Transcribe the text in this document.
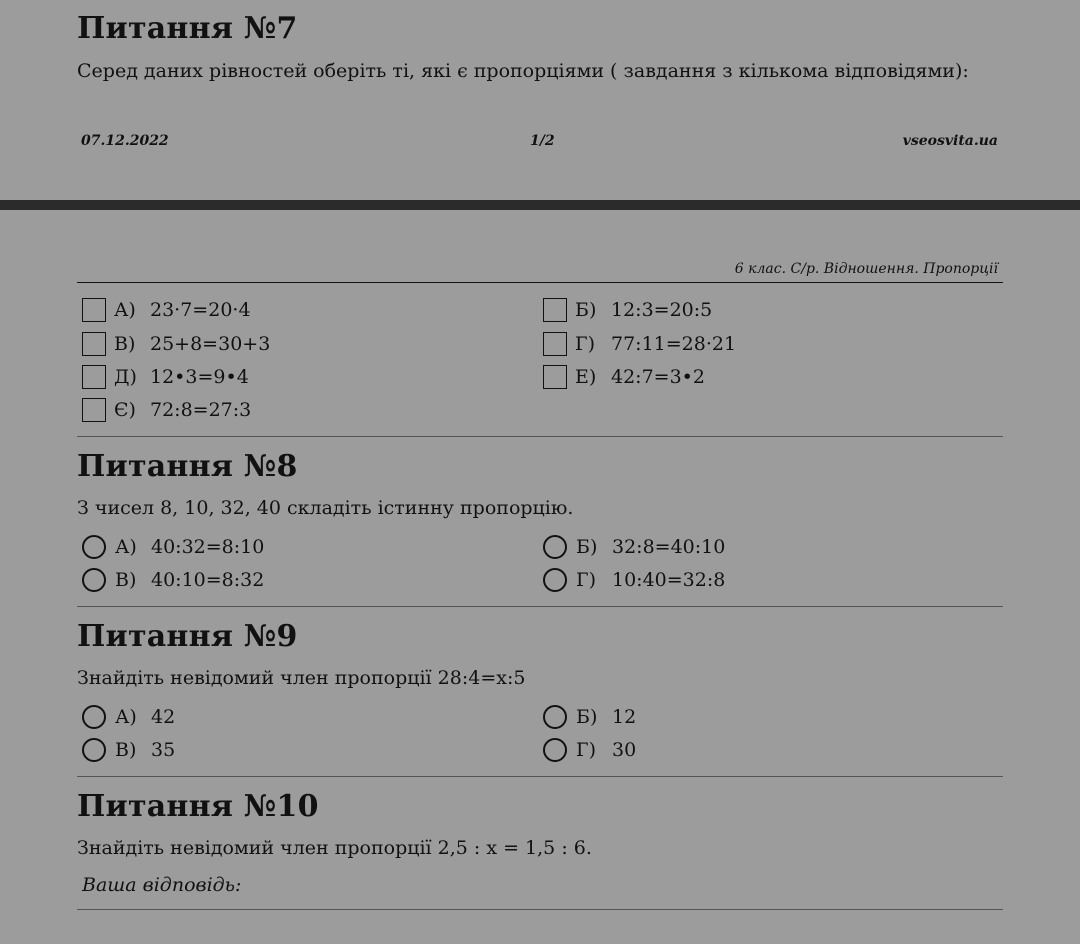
Питання №7

Серед даних рівностей оберіть ті, які є пропорціями ( завдання з кількома відповідями):

07.12.2022	1/2	vseosvita.ua
6 клас. С/р. Відношення. Пропорції
А) 23·7=20·4	Б) 12:3=20:5
В) 25+8=30+3	Г) 77:11=28·21
Д) 12•3=9•4	Е) 42:7=3•2
Є) 72:8=27:3
Питання №8

З чисел 8, 10, 32, 40 складіть істинну пропорцію.

А) 40:32=8:10	Б) 32:8=40:10
В) 40:10=8:32	Г) 10:40=32:8
Питання №9

Знайдіть невідомий член пропорції 28:4=х:5

А) 42	Б) 12
В) 35	Г) 30
Питання №10

Знайдіть невідомий член пропорції 2,5 : х = 1,5 : 6.

Ваша відповідь:
